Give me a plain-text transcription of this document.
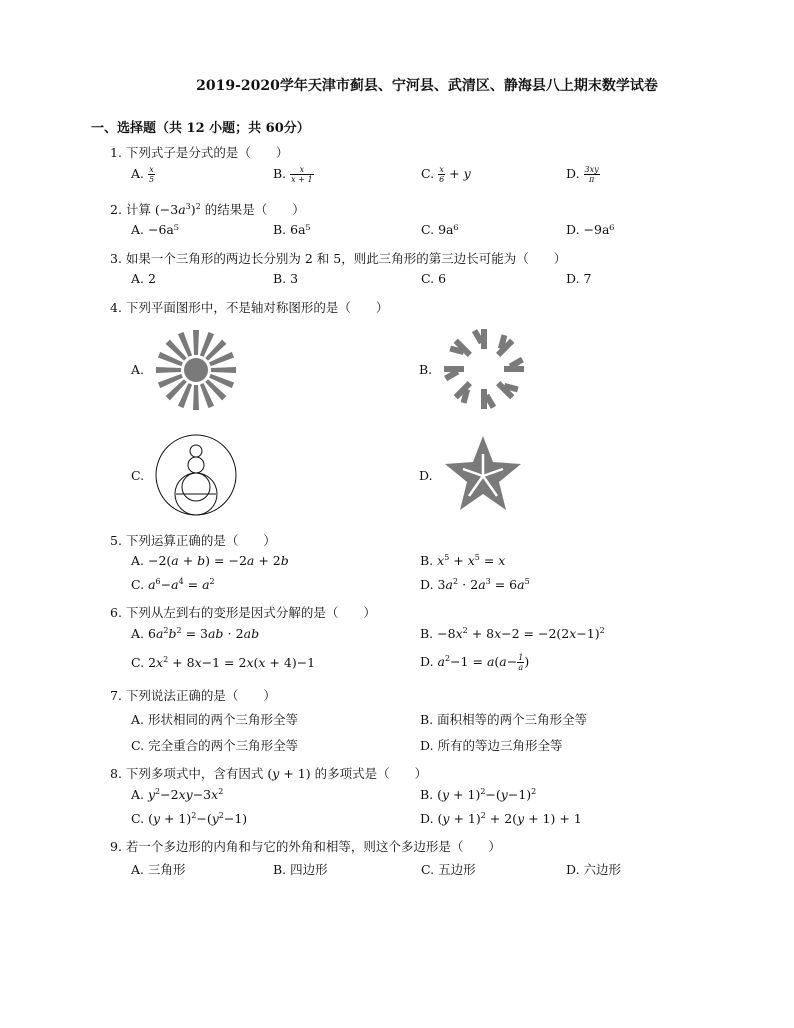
2019-2020学年天津市蓟县、宁河县、武清区、静海县八上期末数学试卷
一、选择题（共 12 小题；共 60分）
1. 下列式子是分式的是（　　）
A. $\frac{x}{5}$	B. $\frac{x}{x + 1}$	C. $\frac{x}{6} + y$	D. $\frac{3xy}{\pi}$
2. 计算 $(-3a^3)^2$ 的结果是（　　）
A. −6a⁵	B. 6a⁵	C. 9a⁶	D. −9a⁶
3. 如果一个三角形的两边长分别为 2 和 5，则此三角形的第三边长可能为（　　）
A. 2	B. 3	C. 6	D. 7
4. 下列平面图形中，不是轴对称图形的是（　　）
A.	B.
C.	D.
5. 下列运算正确的是（　　）
A. −2(a + b) = −2a + 2b	B. $x^5 + x^5 = x$
C. $a^6-a^4 = a^2$	D. $3a^2 \cdot 2a^3 = 6a^5$
6. 下列从左到右的变形是因式分解的是（　　）
A. $6a^2b^2 = 3ab \cdot 2ab$	B. $-8x^2 + 8x-2 = -2(2x-1)^2$
C. $2x^2 + 8x-1 = 2x(x + 4)-1$	D. $a^2-1 = a(a- \frac{1}{a}$ )
7. 下列说法正确的是（　　）
A. 形状相同的两个三角形全等	B. 面积相等的两个三角形全等
C. 完全重合的两个三角形全等	D. 所有的等边三角形全等
8. 下列多项式中，含有因式 (y + 1) 的多项式是（　　）
A. $y^2-2xy-3x^2$	B. $(y + 1)^2-(y-1)^2$
C. $(y + 1)^2-(y^2-1)$	D. $(y + 1)^2 + 2(y + 1) + 1$
9. 若一个多边形的内角和与它的外角和相等，则这个多边形是（　　）
A. 三角形	B. 四边形	C. 五边形	D. 六边形
